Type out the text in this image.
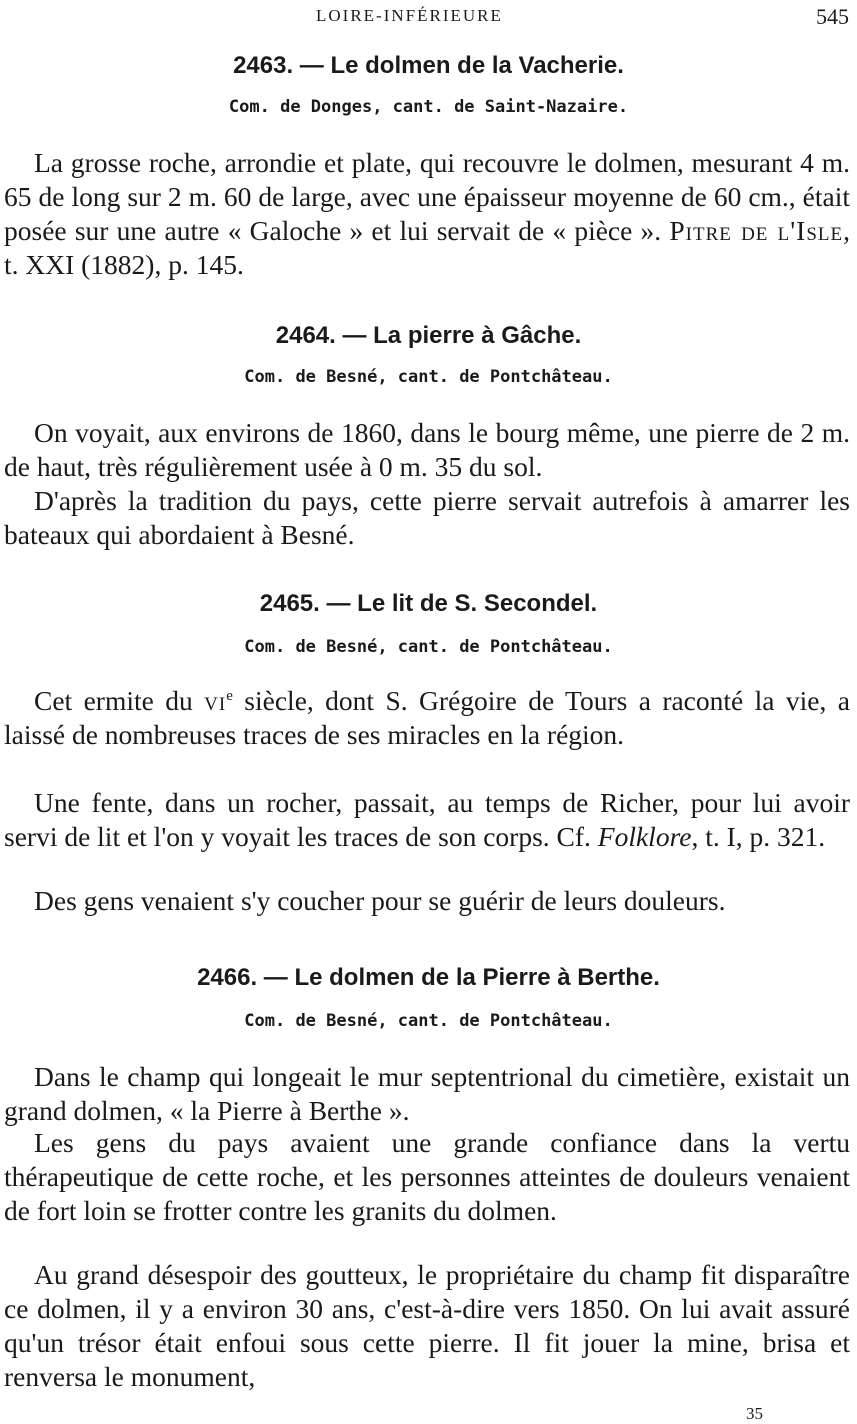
LOIRE-INFÉRIEURE	545
2463. — Le dolmen de la Vacherie.
Com. de Donges, cant. de Saint-Nazaire.

La grosse roche, arrondie et plate, qui recouvre le dolmen, mesurant 4 m. 65 de long sur 2 m. 60 de large, avec une épaisseur moyenne de 60 cm., était posée sur une autre « Galoche » et lui servait de « pièce ». Pitre de l'Isle, t. XXI (1882), p. 145.

2464. — La pierre à Gâche.
Com. de Besné, cant. de Pontchâteau.

On voyait, aux environs de 1860, dans le bourg même, une pierre de 2 m. de haut, très régulièrement usée à 0 m. 35 du sol.

D'après la tradition du pays, cette pierre servait autrefois à amarrer les bateaux qui abordaient à Besné.

2465. — Le lit de S. Secondel.
Com. de Besné, cant. de Pontchâteau.

Cet ermite du $vi^e$ siècle, dont S. Grégoire de Tours a raconté la vie, a laissé de nombreuses traces de ses miracles en la région.

Une fente, dans un rocher, passait, au temps de Richer, pour lui avoir servi de lit et l'on y voyait les traces de son corps. Cf. Folklore, t. I, p. 321.

Des gens venaient s'y coucher pour se guérir de leurs douleurs.

2466. — Le dolmen de la Pierre à Berthe.
Com. de Besné, cant. de Pontchâteau.

Dans le champ qui longeait le mur septentrional du cimetière, existait un grand dolmen, « la Pierre à Berthe ».

Les gens du pays avaient une grande confiance dans la vertu thérapeutique de cette roche, et les personnes atteintes de douleurs venaient de fort loin se frotter contre les granits du dolmen.

Au grand désespoir des goutteux, le propriétaire du champ fit disparaître ce dolmen, il y a environ 30 ans, c'est-à-dire vers 1850. On lui avait assuré qu'un trésor était enfoui sous cette pierre. Il fit jouer la mine, brisa et renversa le monument,

35
